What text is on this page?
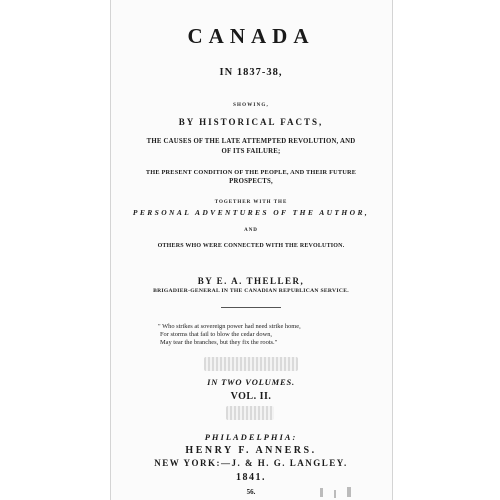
CANADA
IN 1837-38,
SHOWING,
BY HISTORICAL FACTS,
THE CAUSES OF THE LATE ATTEMPTED REVOLUTION, AND
OF ITS FAILURE;
THE PRESENT CONDITION OF THE PEOPLE, AND THEIR FUTURE
PROSPECTS,
TOGETHER WITH THE
PERSONAL ADVENTURES OF THE AUTHOR,
AND
OTHERS WHO WERE CONNECTED WITH THE REVOLUTION.
BY E. A. THELLER,
BRIGADIER-GENERAL IN THE CANADIAN REPUBLICAN SERVICE.
" Who strikes at sovereign power had need strike home,
For storms that fail to blow the cedar down,
May tear the branches, but they fix the roots."
IN TWO VOLUMES.
VOL. II.
PHILADELPHIA:
HENRY F. ANNERS.
NEW YORK:—J. & H. G. LANGLEY.
1841.
56.
